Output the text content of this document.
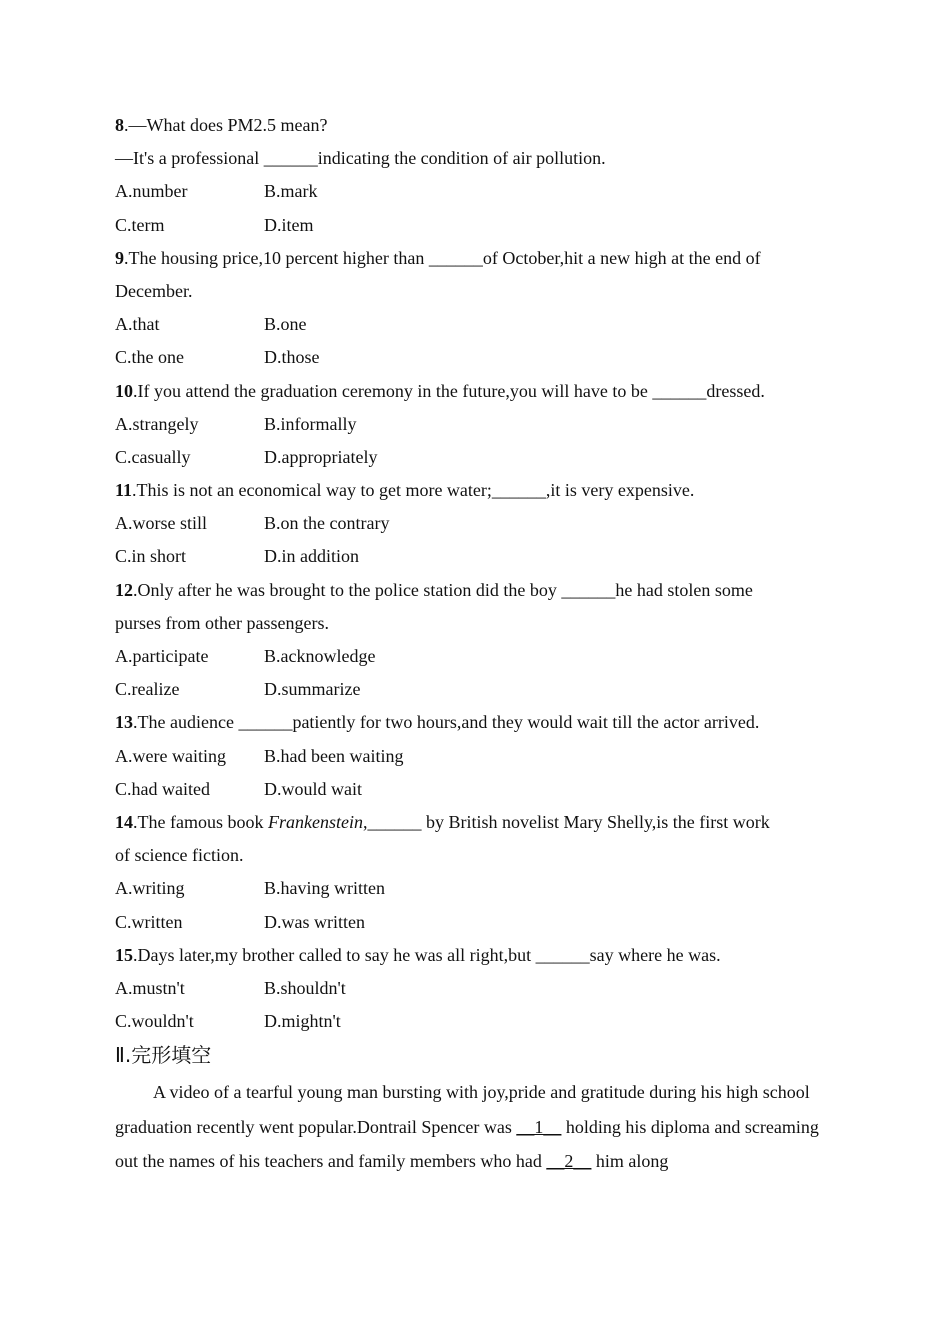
8.—What does PM2.5 mean?
—It's a professional ______indicating the condition of air pollution.
A.number	B.mark
C.term	D.item
9.The housing price,10 percent higher than ______of October,hit a new high at the end of
December.
A.that	B.one
C.the one	D.those
10.If you attend the graduation ceremony in the future,you will have to be ______dressed.
A.strangely	B.informally
C.casually	D.appropriately
11.This is not an economical way to get more water;______,it is very expensive.
A.worse still	B.on the contrary
C.in short	D.in addition
12.Only after he was brought to the police station did the boy ______he had stolen some
purses from other passengers.
A.participate	B.acknowledge
C.realize	D.summarize
13.The audience ______patiently for two hours,and they would wait till the actor arrived.
A.were waiting B.had been waiting
C.had waited	D.would wait
14.The famous book Frankenstein,______ by British novelist Mary Shelly,is the first work
of science fiction.
A.writing	B.having written
C.written	D.was written
15.Days later,my brother called to say he was all right,but ______say where he was.
A.mustn't	B.shouldn't
C.wouldn't	D.mightn't
Ⅱ.完形填空
A video of a tearful young man bursting with joy,pride and gratitude during his high school graduation recently went popular.Dontrail Spencer was __1__ holding his diploma and screaming out the names of his teachers and family members who had __2__ him along
